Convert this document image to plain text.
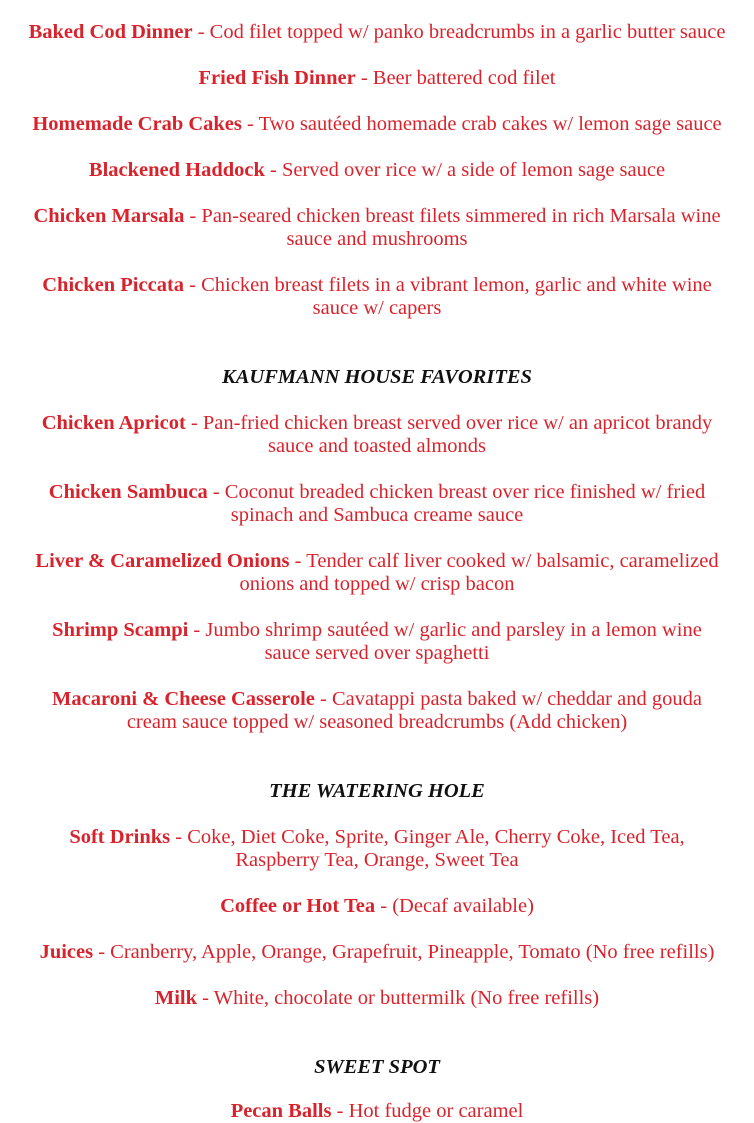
Baked Cod Dinner - Cod filet topped w/ panko breadcrumbs in a garlic butter sauce
Fried Fish Dinner - Beer battered cod filet
Homemade Crab Cakes - Two sautéed homemade crab cakes w/ lemon sage sauce
Blackened Haddock - Served over rice w/ a side of lemon sage sauce
Chicken Marsala - Pan-seared chicken breast filets simmered in rich Marsala wine sauce and mushrooms
Chicken Piccata - Chicken breast filets in a vibrant lemon, garlic and white wine sauce w/ capers
KAUFMANN HOUSE FAVORITES
Chicken Apricot - Pan-fried chicken breast served over rice w/ an apricot brandy sauce and toasted almonds
Chicken Sambuca - Coconut breaded chicken breast over rice finished w/ fried spinach and Sambuca creame sauce
Liver & Caramelized Onions - Tender calf liver cooked w/ balsamic, caramelized onions and topped w/ crisp bacon
Shrimp Scampi - Jumbo shrimp sautéed w/ garlic and parsley in a lemon wine sauce served over spaghetti
Macaroni & Cheese Casserole - Cavatappi pasta baked w/ cheddar and gouda cream sauce topped w/ seasoned breadcrumbs (Add chicken)
THE WATERING HOLE
Soft Drinks - Coke, Diet Coke, Sprite, Ginger Ale, Cherry Coke, Iced Tea, Raspberry Tea, Orange, Sweet Tea
Coffee or Hot Tea - (Decaf available)
Juices - Cranberry, Apple, Orange, Grapefruit, Pineapple, Tomato (No free refills)
Milk - White, chocolate or buttermilk (No free refills)
SWEET SPOT
Pecan Balls - Hot fudge or caramel
